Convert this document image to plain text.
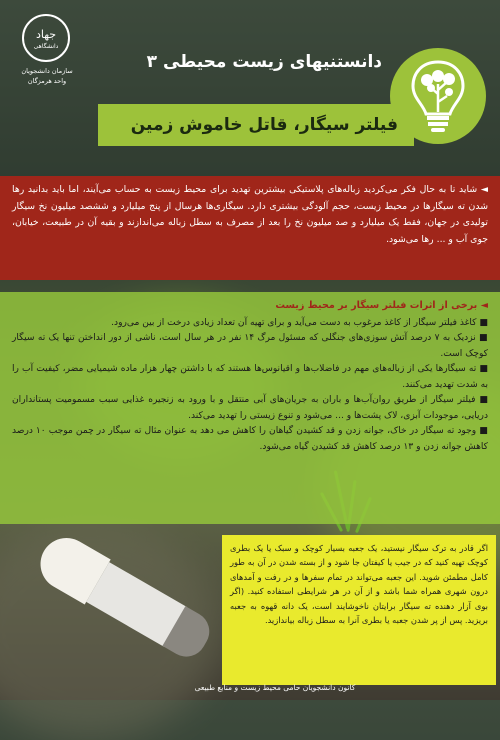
جهاد
دانشگاهی
سازمان دانشجویان
واحد هرمزگان
دانستنیهای زیست محیطی ۳
فیلتر سیگار، قاتل خاموش زمین
◄ شاید تا به حال فکر می‌کردید زباله‌های پلاستیکی بیشترین تهدید برای محیط زیست به حساب می‌آیند، اما باید بدانید رها شدن ته سیگارها در محیط زیست، حجم آلودگی بیشتری دارد. سیگاری‌ها هرسال از پنج میلیارد و ششصد میلیون نخ سیگار تولیدی در جهان، فقط یک میلیارد و صد میلیون نخ را بعد از مصرف به سطل زباله می‌اندازند و بقیه آن در طبیعت، خیابان، جوی آب و ... رها می‌شود.
◄ برخی از اثرات فیلتر سیگار بر محیط زیست

■ کاغذ فیلتر سیگار از کاغذ مرغوب به دست می‌آید و برای تهیه آن تعداد زیادی درخت از بین می‌رود.

■ نزدیک به ۷ درصد آتش سوزی‌های جنگلی که مسئول مرگ ۱۴ نفر در هر سال است، ناشی از دور انداختن تنها یک ته سیگار کوچک است.

■ ته سیگارها یکی از زباله‌های مهم در فاضلاب‌ها و اقیانوس‌ها هستند که با داشتن چهار هزار ماده شیمیایی مضر، کیفیت آب را به شدت تهدید می‌کنند.

■ فیلتر سیگار از طریق روان‌آب‌ها و باران به جریان‌های آبی منتقل و با ورود به زنجیره غذایی سبب مسمومیت پستانداران دریایی، موجودات آبزی، لاک پشت‌ها و ... می‌شود و تنوع زیستی را تهدید می‌کند.

■ وجود ته سیگار در خاک، جوانه زدن و قد کشیدن گیاهان را کاهش می دهد به عنوان مثال ته سیگار در چمن موجب ۱۰ درصد کاهش جوانه زدن و ۱۳ درصد کاهش قد کشیدن گیاه می‌شود.

اگر قادر به ترک سیگار نیستید، یک جعبه بسیار کوچک و سبک یا یک بطری کوچک تهیه کنید که در جیب یا کیفتان جا شود و از بسته شدن در آن به طور کامل مطمئن شوید. این جعبه می‌تواند در تمام سفرها و در رفت و آمدهای درون شهری همراه شما باشد و از آن در هر شرایطی استفاده کنید. (اگر بوی آزار دهنده ته سیگار برایتان ناخوشایند است، یک دانه قهوه به جعبه بریزید. پس از پر شدن جعبه یا بطری آنرا به سطل زباله بیاندازید.
کانون دانشجویان حامی محیط زیست و منابع طبیعی
